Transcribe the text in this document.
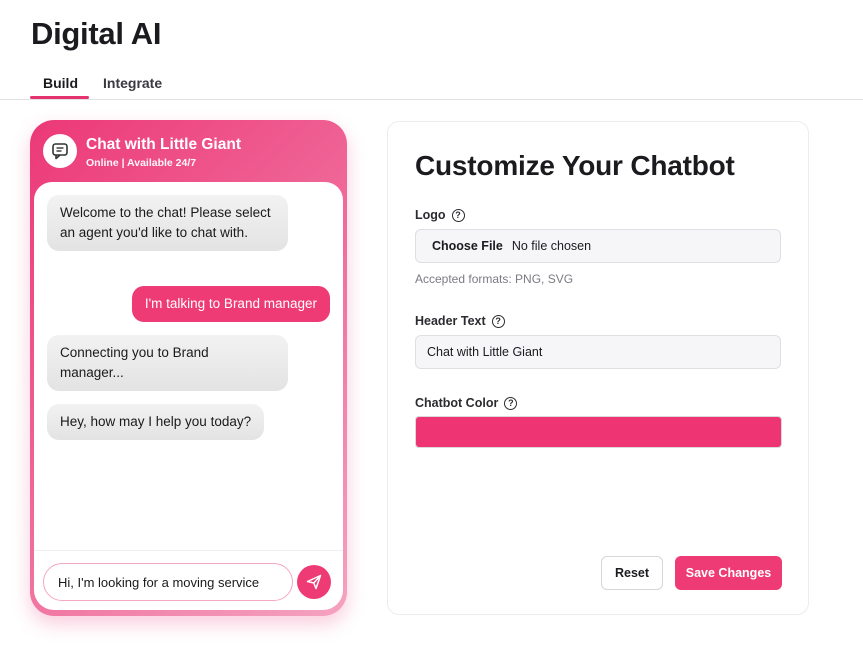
Digital AI
Build Integrate
Chat with Little Giant
Online | Available 24/7
Welcome to the chat! Please select an agent you'd like to chat with.
I'm talking to Brand manager
Connecting you to Brand manager...
Hey, how may I help you today?
Hi, I'm looking for a moving service
Customize Your Chatbot
Logo	?
Choose File No file chosen
Accepted formats: PNG, SVG
Header Text	?
Chat with Little Giant
Chatbot Color	?
Reset	Save Changes
